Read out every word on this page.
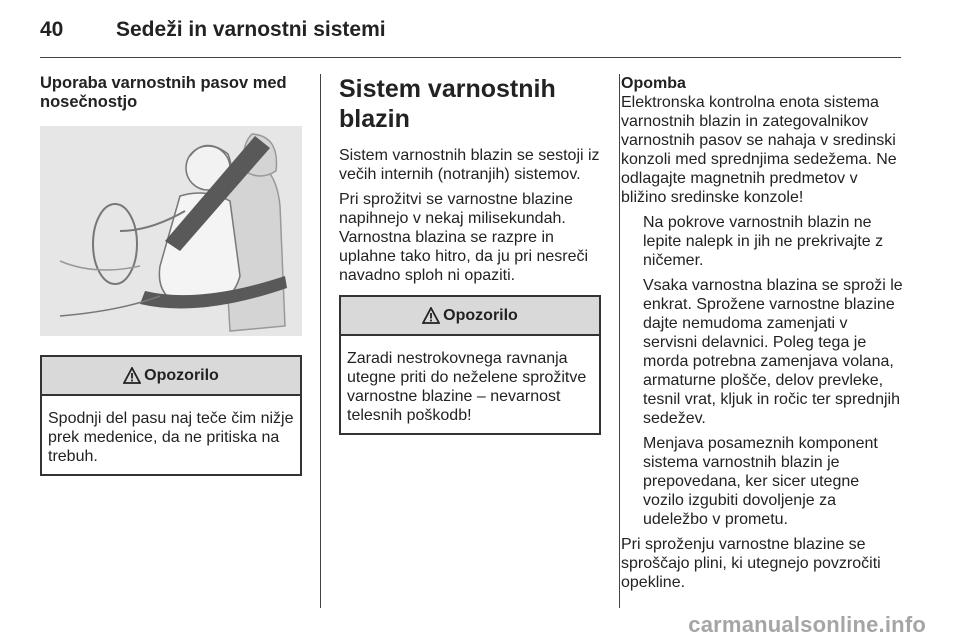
40	Sedeži in varnostni sistemi
Uporaba varnostnih pasov med nosečnostjo
Opozorilo

Spodnji del pasu naj teče čim nižje prek medenice, da ne pritiska na trebuh.

Sistem varnostnih blazin

Sistem varnostnih blazin se sestoji iz večih internih (notranjih) sistemov.

Pri sprožitvi se varnostne blazine napihnejo v nekaj milisekundah. Varnostna blazina se razpre in uplahne tako hitro, da ju pri nesreči navadno sploh ni opaziti.

Opozorilo

Zaradi nestrokovnega ravnanja utegne priti do neželene sprožitve varnostne blazine – nevarnost telesnih poškodb!

Opomba

Elektronska kontrolna enota sistema varnostnih blazin in zategovalnikov varnostnih pasov se nahaja v sredinski konzoli med sprednjima sedežema. Ne odlagajte magnetnih predmetov v bližino sredinske konzole!

Na pokrove varnostnih blazin ne lepite nalepk in jih ne prekrivajte z ničemer.

Vsaka varnostna blazina se sproži le enkrat. Sprožene varnostne blazine dajte nemudoma zamenjati v servisni delavnici. Poleg tega je morda potrebna zamenjava volana, armaturne plošče, delov prevleke, tesnil vrat, kljuk in ročic ter sprednjih sedežev.

Menjava posameznih komponent sistema varnostnih blazin je prepovedana, ker sicer utegne vozilo izgubiti dovoljenje za udeležbo v prometu.

Pri sproženju varnostne blazine se sproščajo plini, ki utegnejo povzročiti opekline.

carmanualsonline.info
